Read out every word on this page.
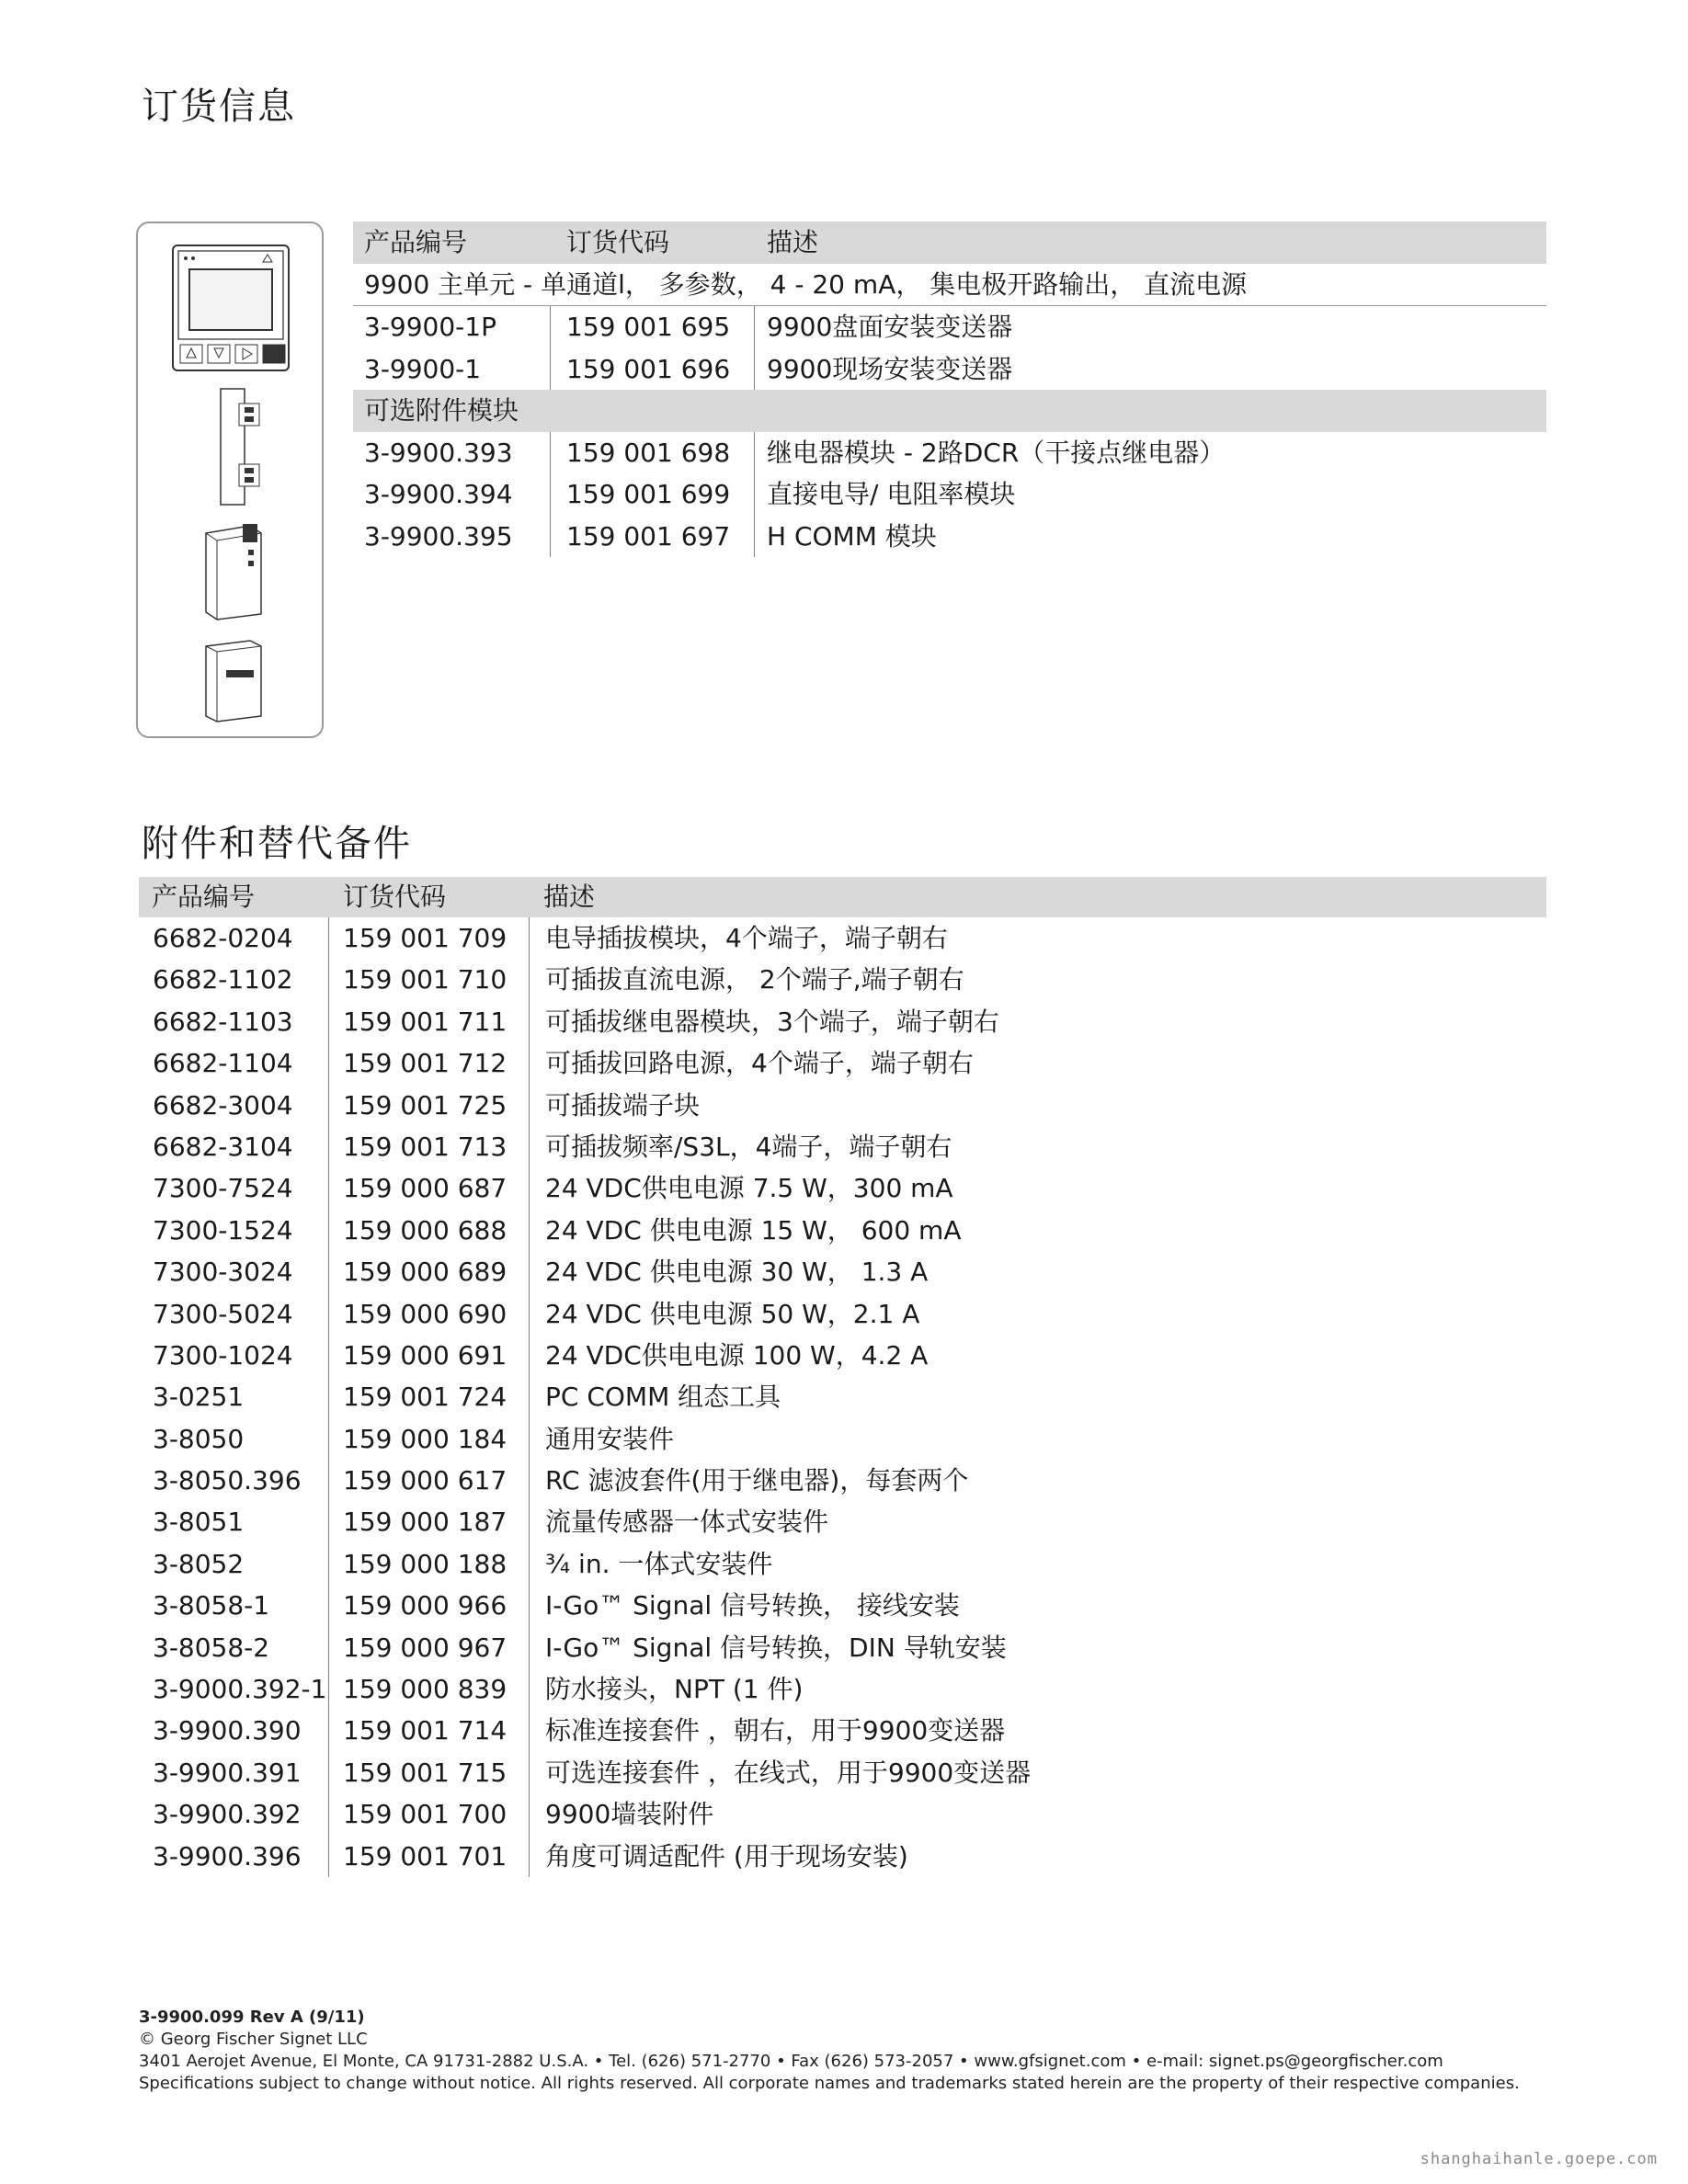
订货信息
产品编号	订货代码	描述
9900 主单元 - 单通道l， 多参数， 4 - 20 mA， 集电极开路输出， 直流电源
3-9900-1P	159 001 695 9900盘面安装变送器
3-9900-1	159 001 696 9900现场安装变送器
可选附件模块
3-9900.393 159 001 698 继电器模块 - 2路DCR（干接点继电器）
3-9900.394 159 001 699 直接电导/ 电阻率模块
3-9900.395 159 001 697 H COMM 模块
附件和替代备件
产品编号	订货代码	描述
6682-0204 159 001 709 电导插拔模块，4个端子，端子朝右
6682-1102 159 001 710 可插拔直流电源， 2个端子,端子朝右
6682-1103 159 001 711 可插拔继电器模块，3个端子，端子朝右
6682-1104 159 001 712 可插拔回路电源，4个端子，端子朝右
6682-3004 159 001 725 可插拔端子块
6682-3104 159 001 713 可插拔频率/S3L，4端子，端子朝右
7300-7524 159 000 687 24 VDC供电电源 7.5 W，300 mA
7300-1524 159 000 688 24 VDC 供电电源 15 W， 600 mA
7300-3024 159 000 689 24 VDC 供电电源 30 W， 1.3 A
7300-5024 159 000 690 24 VDC 供电电源 50 W，2.1 A
7300-1024 159 000 691 24 VDC供电电源 100 W，4.2 A
3-0251	159 001 724 PC COMM 组态工具
3-8050	159 000 184 通用安装件
3-8050.396 159 000 617 RC 滤波套件(用于继电器)，每套两个
3-8051	159 000 187 流量传感器一体式安装件
3-8052	159 000 188 ¾ in. 一体式安装件
3-8058-1	159 000 966 I-Go™ Signal 信号转换， 接线安装
3-8058-2	159 000 967 I-Go™ Signal 信号转换，DIN 导轨安装
3-9000.392-1 159 000 839 防水接头，NPT (1 件)
3-9900.390 159 001 714 标准连接套件 ，朝右，用于9900变送器
3-9900.391 159 001 715 可选连接套件 ，在线式，用于9900变送器
3-9900.392 159 001 700 9900墙装附件
3-9900.396 159 001 701 角度可调适配件 (用于现场安装)
3-9900.099 Rev A (9/11)
© Georg Fischer Signet LLC
3401 Aerojet Avenue, El Monte, CA 91731-2882 U.S.A. • Tel. (626) 571-2770 • Fax (626) 573-2057 • www.gfsignet.com • e-mail: signet.ps@georgfischer.com
Specifications subject to change without notice. All rights reserved. All corporate names and trademarks stated herein are the property of their respective companies.
shanghaihanle.goepe.com
